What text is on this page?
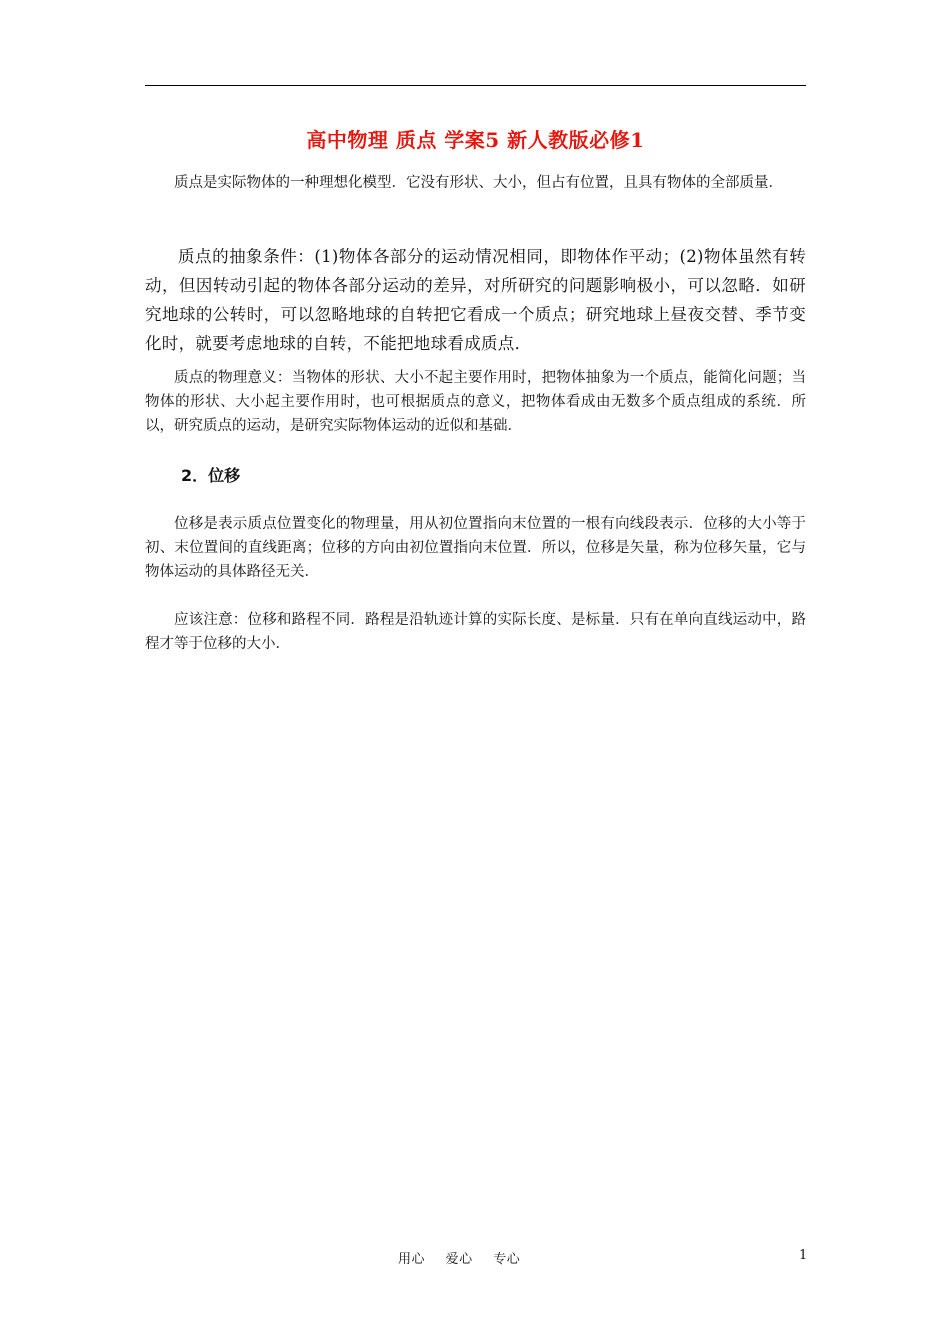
高中物理 质点 学案5 新人教版必修1

质点是实际物体的一种理想化模型．它没有形状、大小，但占有位置，且具有物体的全部质量．

质点的抽象条件：(1)物体各部分的运动情况相同，即物体作平动；(2)物体虽然有转动，但因转动引起的物体各部分运动的差异，对所研究的问题影响极小，可以忽略．如研究地球的公转时，可以忽略地球的自转把它看成一个质点；研究地球上昼夜交替、季节变化时，就要考虑地球的自转，不能把地球看成质点．

质点的物理意义：当物体的形状、大小不起主要作用时，把物体抽象为一个质点，能简化问题；当物体的形状、大小起主要作用时，也可根据质点的意义，把物体看成由无数多个质点组成的系统．所以，研究质点的运动，是研究实际物体运动的近似和基础．

2．位移

位移是表示质点位置变化的物理量，用从初位置指向末位置的一根有向线段表示．位移的大小等于初、末位置间的直线距离；位移的方向由初位置指向末位置．所以，位移是矢量，称为位移矢量，它与物体运动的具体路径无关．

应该注意：位移和路程不同．路程是沿轨迹计算的实际长度、是标量．只有在单向直线运动中，路程才等于位移的大小．

用心 爱心 专心	1
